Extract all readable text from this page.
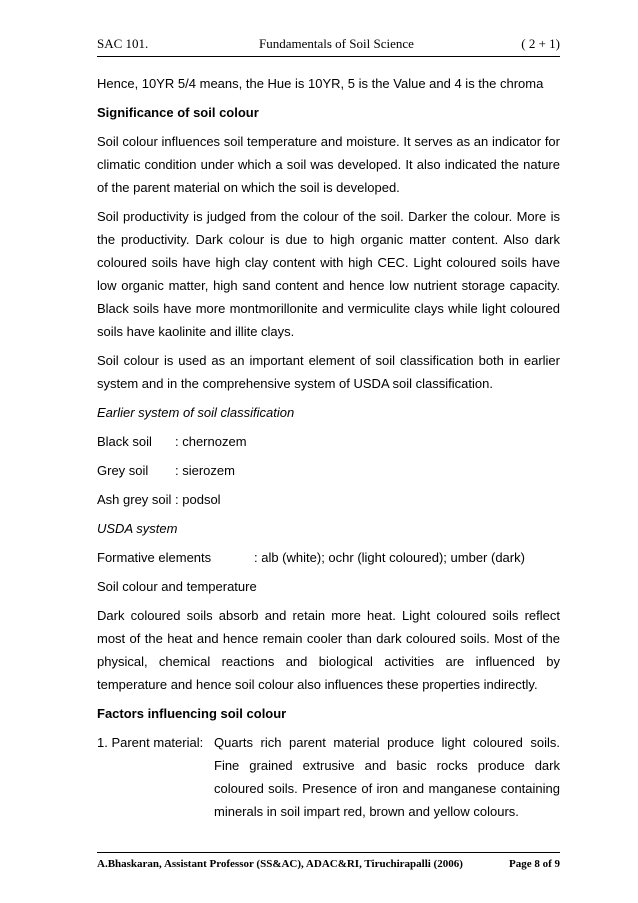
SAC 101.	Fundamentals of Soil Science	( 2 + 1)

Hence, 10YR 5/4 means, the Hue is 10YR, 5 is the Value and 4 is the chroma

Significance of soil colour

Soil colour influences soil temperature and moisture. It serves as an indicator for climatic condition under which a soil was developed. It also indicated the nature of the parent material on which the soil is developed.

Soil productivity is judged from the colour of the soil. Darker the colour. More is the productivity. Dark colour is due to high organic matter content. Also dark coloured soils have high clay content with high CEC. Light coloured soils have low organic matter, high sand content and hence low nutrient storage capacity. Black soils have more montmorillonite and vermiculite clays while light coloured soils have kaolinite and illite clays.

Soil colour is used as an important element of soil classification both in earlier system and in the comprehensive system of USDA soil classification.

Earlier system of soil classification

Black soil	: chernozem
Grey soil	: sierozem

Ash grey soil : podsol

USDA system

Formative elements	: alb (white); ochr (light coloured); umber (dark)

Soil colour and temperature

Dark coloured soils absorb and retain more heat. Light coloured soils reflect most of the heat and hence remain cooler than dark coloured soils. Most of the physical, chemical reactions and biological activities are influenced by temperature and hence soil colour also influences these properties indirectly.

Factors influencing soil colour

1. Parent material: Quarts rich parent material produce light coloured soils. Fine grained extrusive and basic rocks produce dark coloured soils. Presence of iron and manganese containing minerals in soil impart red, brown and yellow colours.
A.Bhaskaran, Assistant Professor (SS&AC), ADAC&RI, Tiruchirapalli (2006)	Page 8 of 9
